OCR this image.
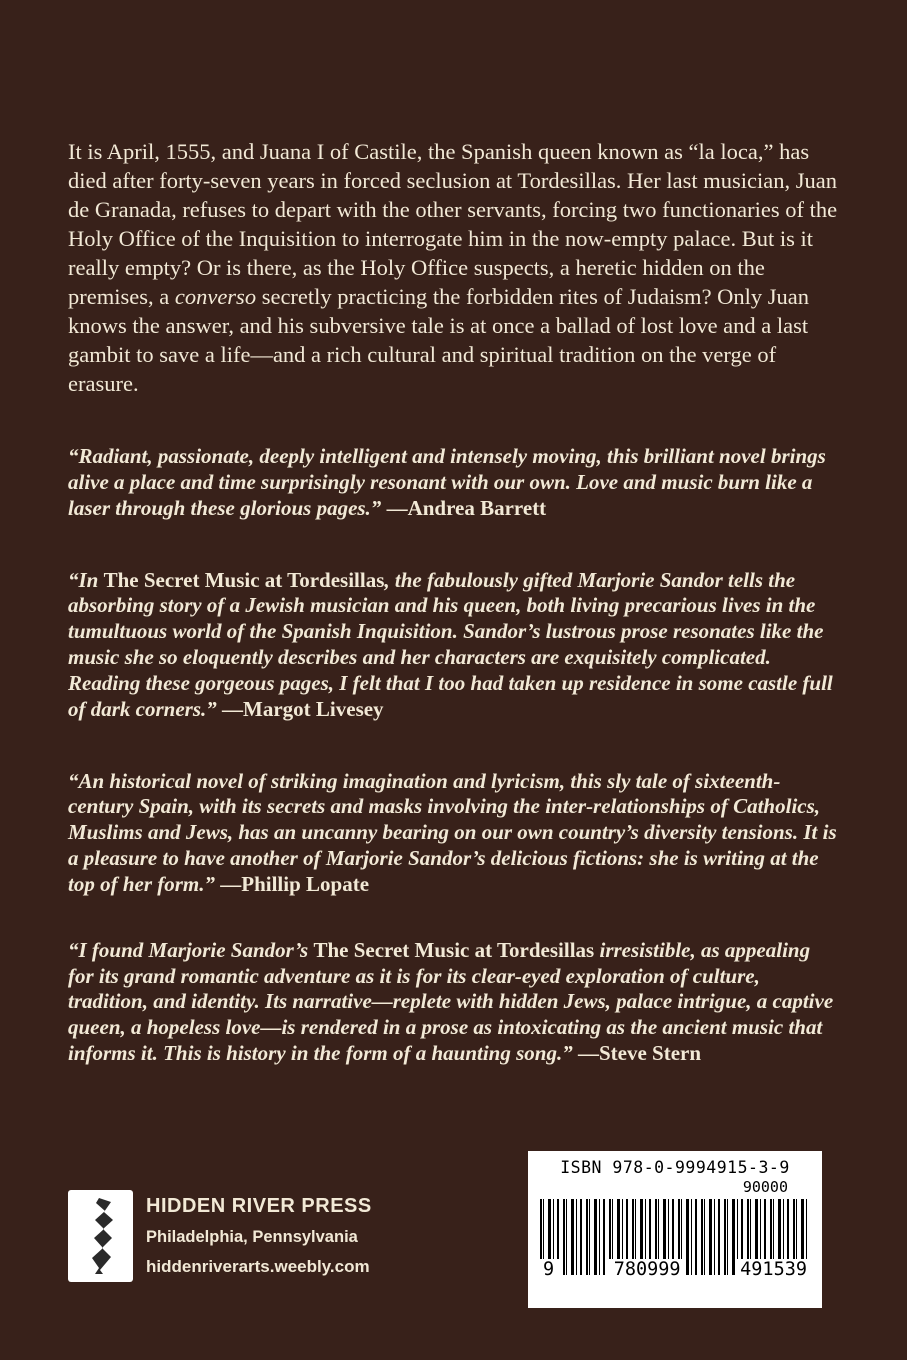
It is April, 1555, and Juana I of Castile, the Spanish queen known as “la loca,” has died after forty-seven years in forced seclusion at Tordesillas. Her last musician, Juan de Granada, refuses to depart with the other servants, forcing two functionaries of the Holy Office of the Inquisition to interrogate him in the now-empty palace. But is it really empty? Or is there, as the Holy Office suspects, a heretic hidden on the premises, a converso secretly practicing the forbidden rites of Judaism? Only Juan knows the answer, and his subversive tale is at once a ballad of lost love and a last gambit to save a life—and a rich cultural and spiritual tradition on the verge of erasure.

“Radiant, passionate, deeply intelligent and intensely moving, this brilliant novel brings alive a place and time surprisingly resonant with our own. Love and music burn like a laser through these glorious pages.” —Andrea Barrett

“In The Secret Music at Tordesillas, the fabulously gifted Marjorie Sandor tells the absorbing story of a Jewish musician and his queen, both living precarious lives in the tumultuous world of the Spanish Inquisition. Sandor’s lustrous prose resonates like the music she so eloquently describes and her characters are exquisitely complicated. Reading these gorgeous pages, I felt that I too had taken up residence in some castle full of dark corners.” —Margot Livesey

“An historical novel of striking imagination and lyricism, this sly tale of sixteenth-century Spain, with its secrets and masks involving the inter-relationships of Catholics, Muslims and Jews, has an uncanny bearing on our own country’s diversity tensions. It is a pleasure to have another of Marjorie Sandor’s delicious fictions: she is writing at the top of her form.” —Phillip Lopate

“I found Marjorie Sandor’s The Secret Music at Tordesillas irresistible, as appealing for its grand romantic adventure as it is for its clear-eyed exploration of culture, tradition, and identity. Its narrative—replete with hidden Jews, palace intrigue, a captive queen, a hopeless love—is rendered in a prose as intoxicating as the ancient music that informs it. This is history in the form of a haunting song.” —Steve Stern

HIDDEN RIVER PRESS
Philadelphia, Pennsylvania
hiddenriverarts.weebly.com
ISBN 978-0-9994915-3-9
90000
9	780999	491539
